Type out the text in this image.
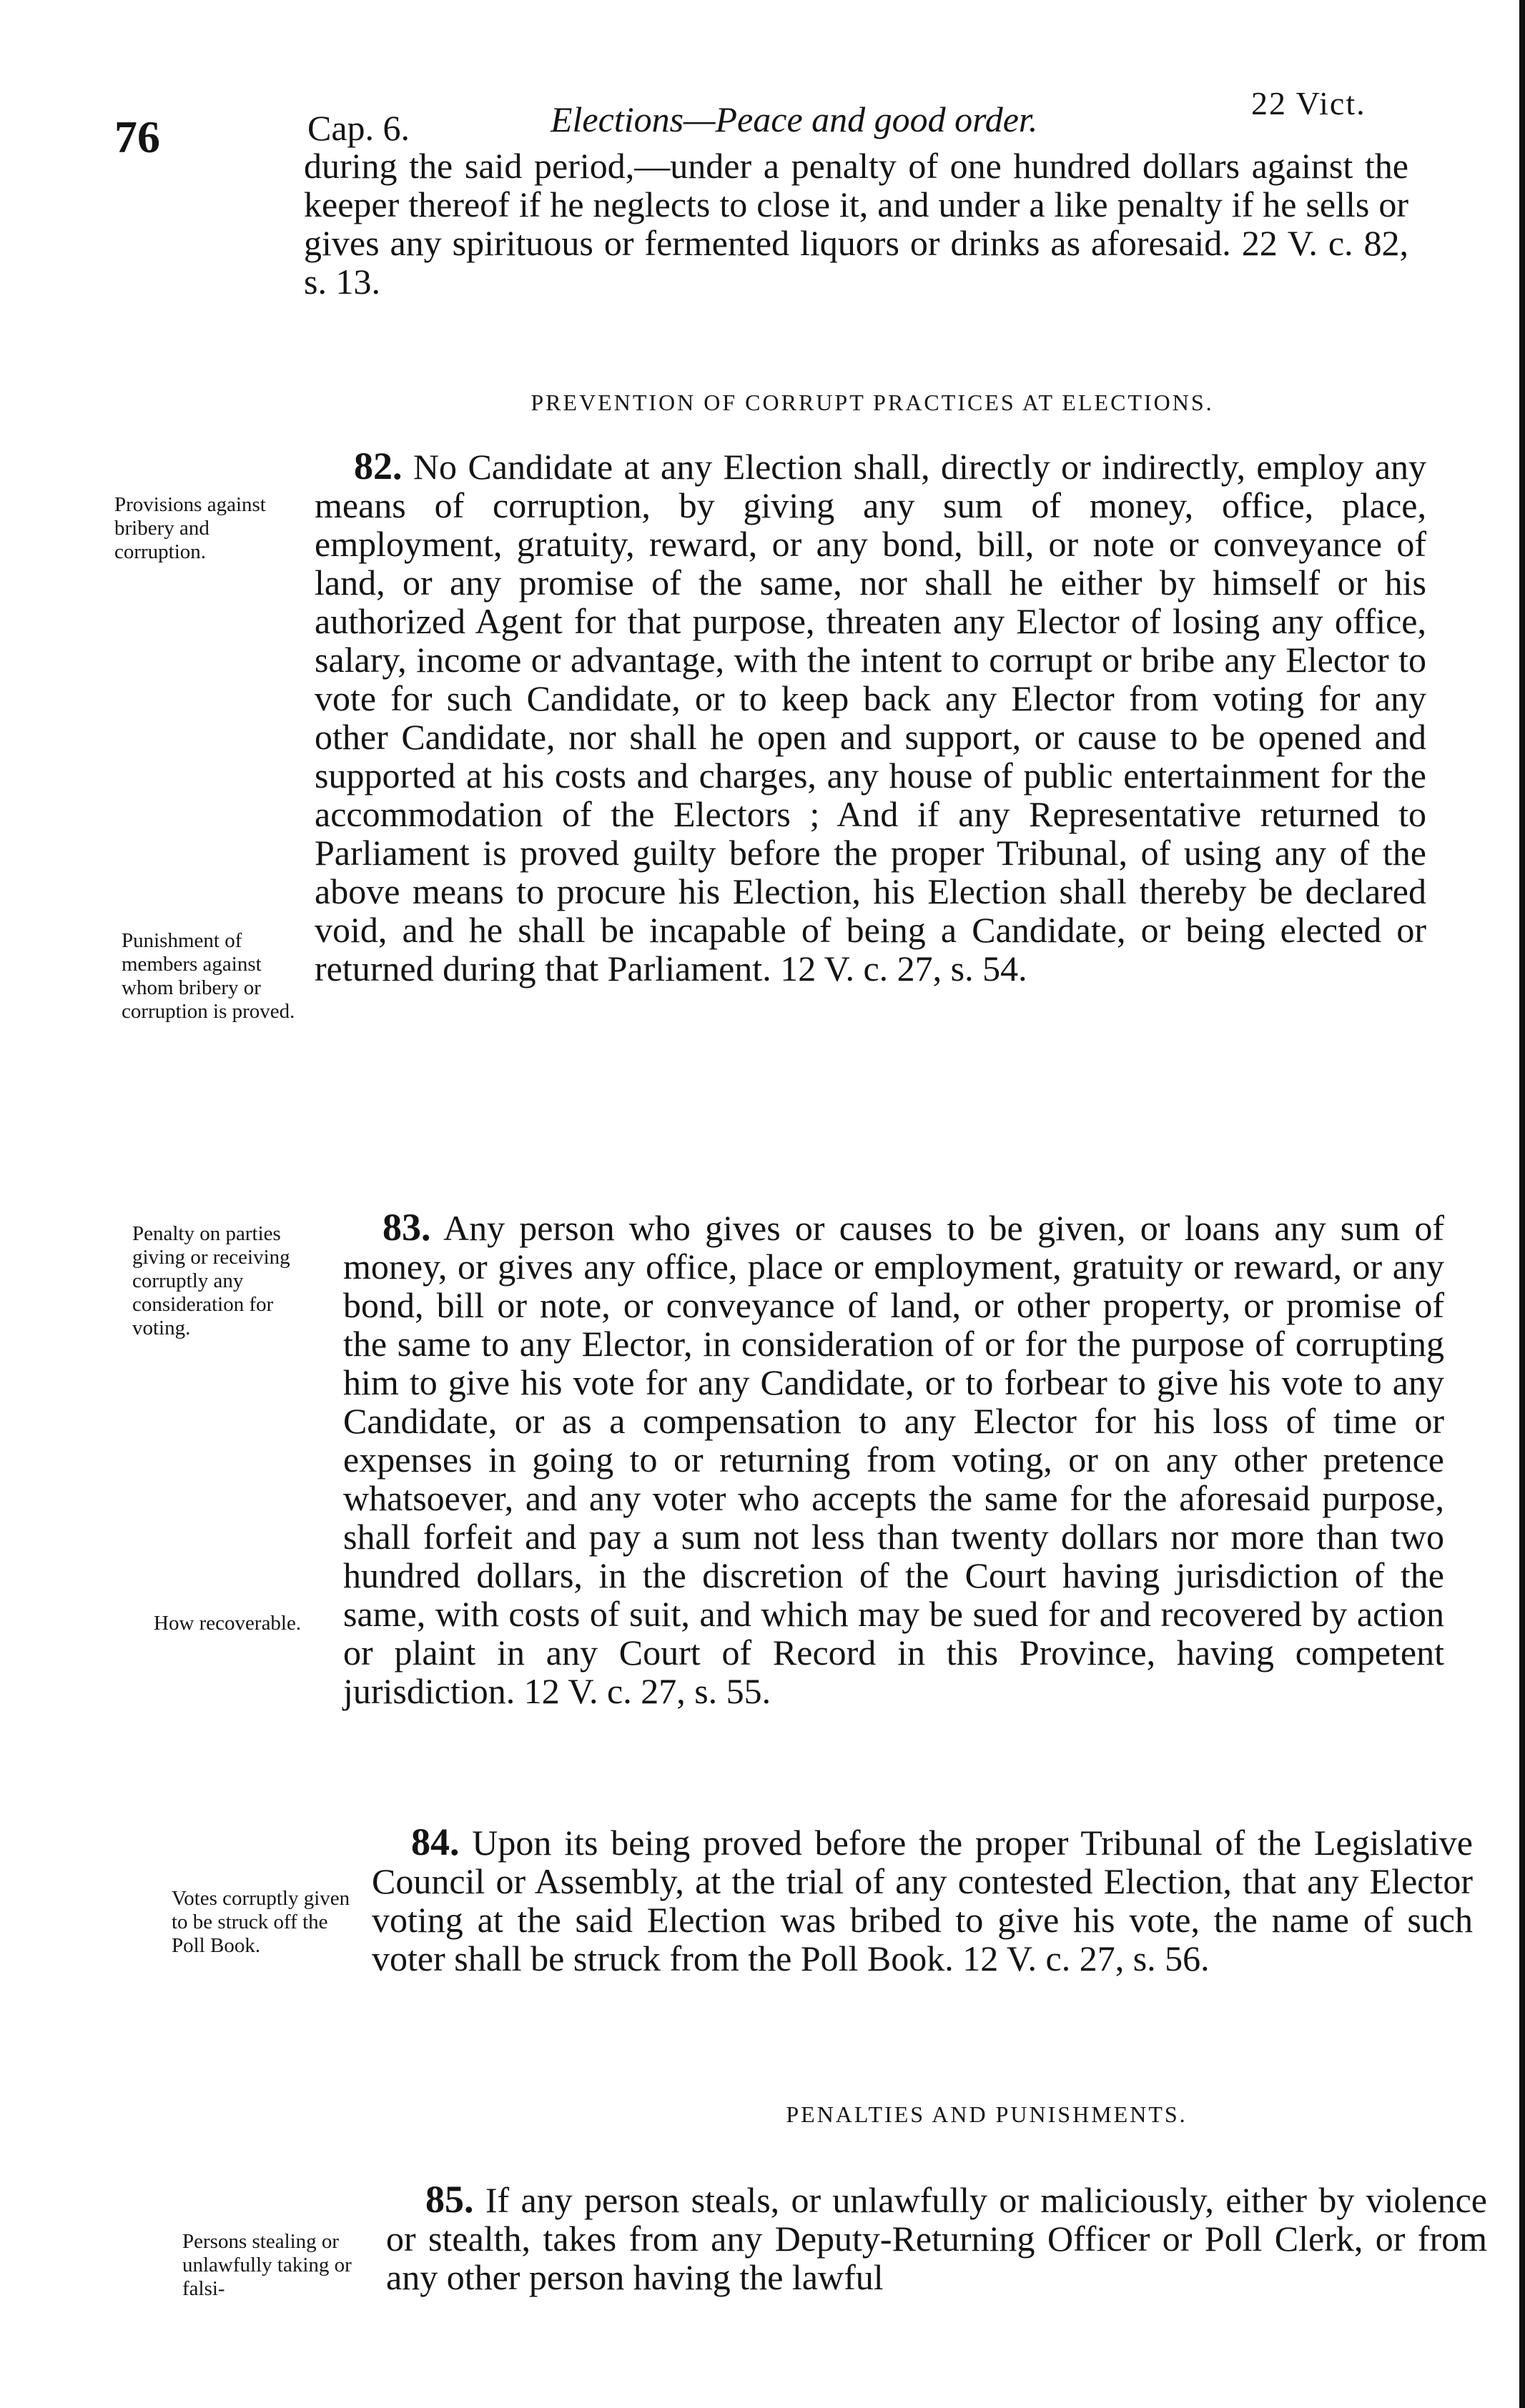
76	Cap. 6.	Elections—Peace and good order.	22 Vict.

during the said period,—under a penalty of one hundred dollars against the keeper thereof if he neglects to close it, and under a like penalty if he sells or gives any spirituous or fermented liquors or drinks as aforesaid. 22 V. c. 82, s. 13.

PREVENTION OF CORRUPT PRACTICES AT ELECTIONS.

Provisions against bribery and corruption.

82. No Candidate at any Election shall, directly or indirectly, employ any means of corruption, by giving any sum of money, office, place, employment, gratuity, reward, or any bond, bill, or note or conveyance of land, or any promise of the same, nor shall he either by himself or his authorized Agent for that purpose, threaten any Elector of losing any office, salary, income or advantage, with the intent to corrupt or bribe any Elector to vote for such Candidate, or to keep back any Elector from voting for any other Candidate, nor shall he open and support, or cause to be opened and supported at his costs and charges, any house of public entertainment for the accommodation of the Electors ; And if any Representative returned to Parliament is proved guilty before the proper Tribunal, of using any of the above means to procure his Election, his Election shall thereby be declared void, and he shall be incapable of being a Candidate, or being elected or returned during that Parliament. 12 V. c. 27, s. 54.

Punishment of members against whom bribery or corruption is proved.

Penalty on parties giving or receiving corruptly any consideration for voting.

83. Any person who gives or causes to be given, or loans any sum of money, or gives any office, place or employment, gratuity or reward, or any bond, bill or note, or conveyance of land, or other property, or promise of the same to any Elector, in consideration of or for the purpose of corrupting him to give his vote for any Candidate, or to forbear to give his vote to any Candidate, or as a compensation to any Elector for his loss of time or expenses in going to or returning from voting, or on any other pretence whatsoever, and any voter who accepts the same for the aforesaid purpose, shall forfeit and pay a sum not less than twenty dollars nor more than two hundred dollars, in the discretion of the Court having jurisdiction of the same, with costs of suit, and which may be sued for and recovered by action or plaint in any Court of Record in this Province, having competent jurisdiction. 12 V. c. 27, s. 55.

How recoverable.

Votes corruptly given to be struck off the Poll Book.

84. Upon its being proved before the proper Tribunal of the Legislative Council or Assembly, at the trial of any contested Election, that any Elector voting at the said Election was bribed to give his vote, the name of such voter shall be struck from the Poll Book. 12 V. c. 27, s. 56.

PENALTIES AND PUNISHMENTS.

Persons stealing or unlawfully taking or falsi-

85. If any person steals, or unlawfully or maliciously, either by violence or stealth, takes from any Deputy-Returning Officer or Poll Clerk, or from any other person having the lawful
